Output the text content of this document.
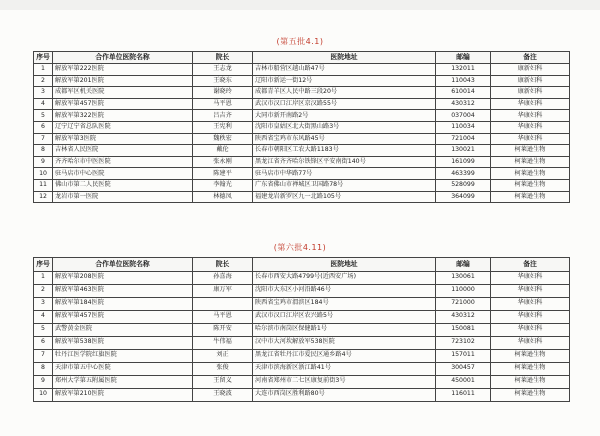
(第五批4.1)
序号	合作单位医院名称	院长	医院地址	邮编	备注
1	解放军第222医院	王志龙	吉林市船营区越山路47号	132011	康新妇科
2	解放军第201医院	王晓东	辽阳市新运一街12号	110043	康新妇科
3	成都军区机关医院	谢晓玲	成都青羊区人民中路三段20号	610014	康新妇科
4	解放军第457医院	马平恩	武汉市汉口江岸区京汉路55号	430312	华康妇科
5	解放军第322医院	吕吉齐	大同市新开南路2号	037004	华康妇科
6	辽宁辽宁省总队医院	王宪利	沈阳市皇姑区北大街黑山路3号	110034	华康妇科
7	解放军第3医院	魏秩宏	陕西省宝鸡市东风路45号	721004	华康妇科
8	吉林省人民医院	戴伦	长春市朝阳区工农大路1183号	130021	柯莱逊生物
9	齐齐哈尔市中医医院	张永刚	黑龙江省齐齐哈尔铁锋区平安南街140号	161099	柯莱逊生物
10	驻马店市中心医院	陈建平	驻马店市中华路77号	463399	柯莱逊生物
11	佛山市第二人民医院	李翰光	广东省佛山市禅城区卫国路78号	528099	柯莱逊生物
12	龙岩市第一医院	林德凤	福建龙岩新罗区九一北路105号	364099	柯莱逊生物
(第六批4.11)
序号	合作单位医院名称	院长	医院地址	邮编	备注
1	解放军第208医院	孙喜海	长春市西安大路4799号(近西安广场)	130061	华康妇科
2	解放军第463医院	康万军	沈阳市大东区小河沿路46号	110000	华康妇科
3	解放军第184医院		陕西省宝鸡市渭滨区184号	721000	华康妇科
4	解放军第457医院	马平恩	武汉市汉口江岸区农兴路5号	430312	华康妇科
5	武警黄金医院	陈开安	哈尔滨市南岗区保健路1号	150081	华康妇科
6	解放军第538医院	牛伟福	汉中市大河坎解放军538医院	723102	华康妇科
7	牡丹江医学院红旗医院	刘正	黑龙江省牡丹江市爱民区通乡路4号	157011	柯莱逊生物
8	天津市第五中心医院	张俊	天津市滨海新区浙江路41号	300457	柯莱逊生物
9	郑州大学第五附属医院	王留义	河南省郑州市二七区康复前街3号	450001	柯莱逊生物
10	解放军第210医院	王晓波	大连市西岗区胜利路80号	116011	柯莱逊生物
